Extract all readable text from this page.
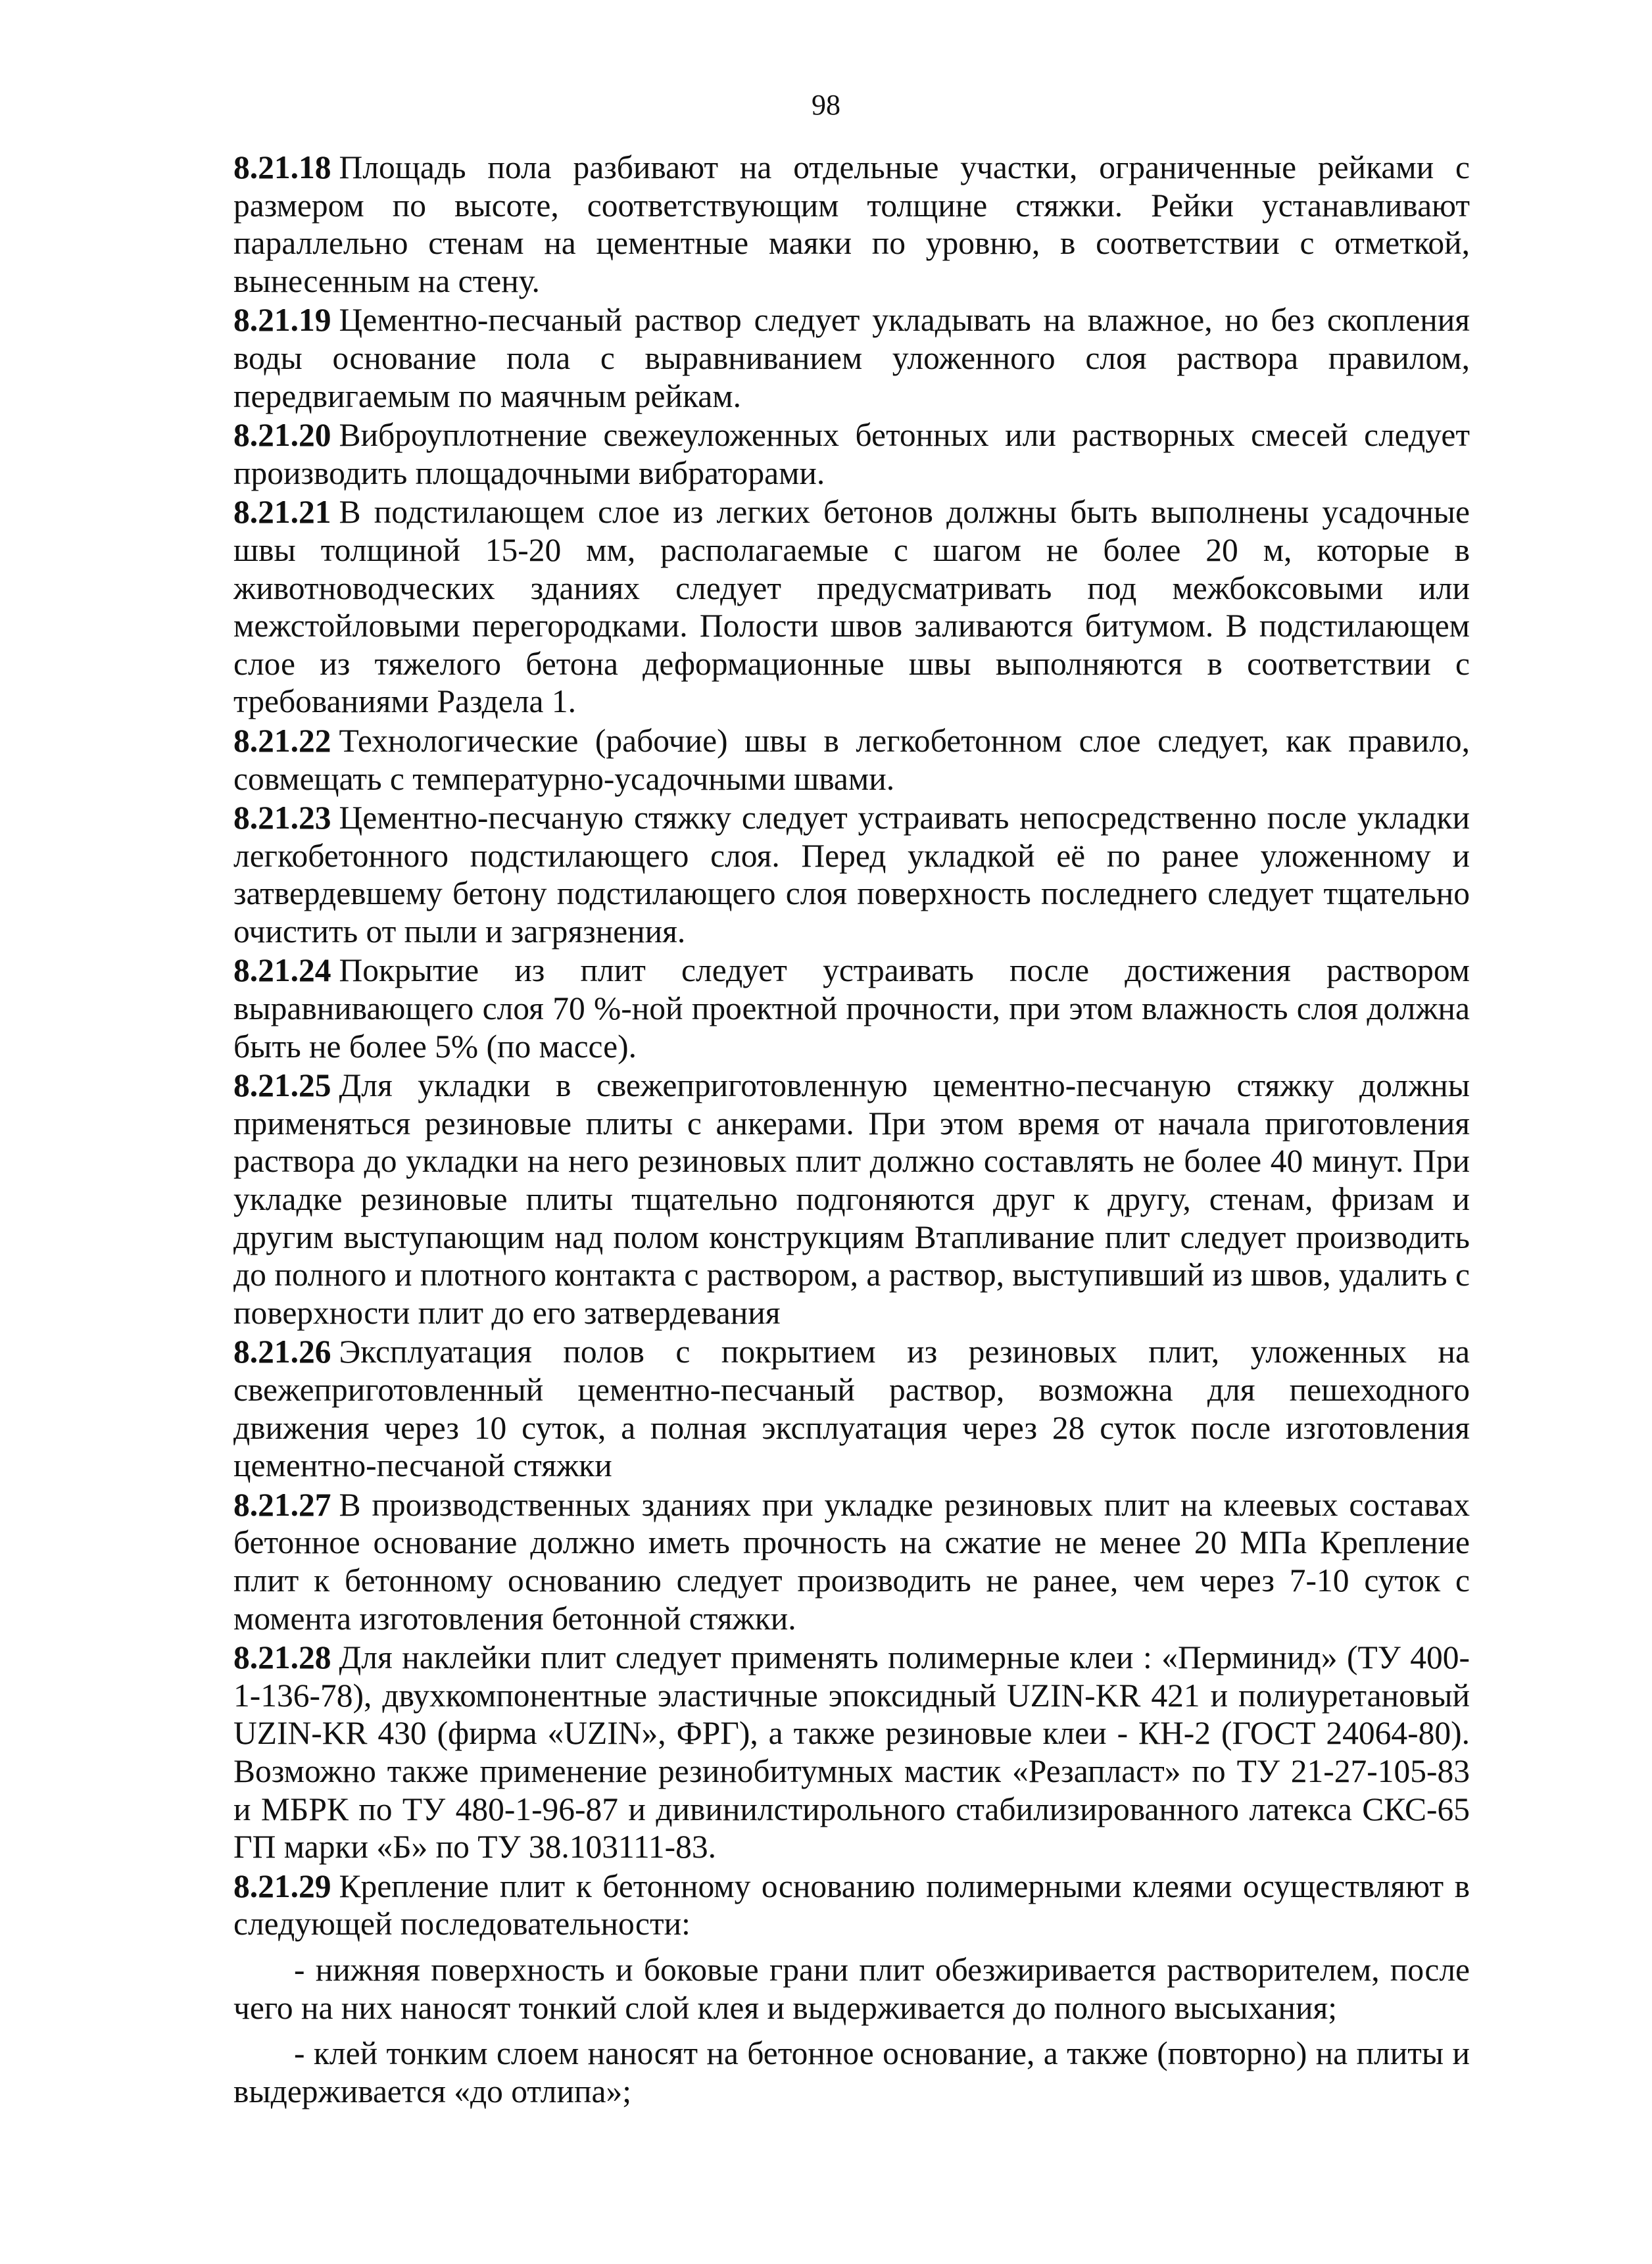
98

8.21.18 Площадь пола разбивают на отдельные участки, ограниченные рейками с размером по высоте, соответствующим толщине стяжки. Рейки устанавливают параллельно стенам на цементные маяки по уровню, в соответствии с отметкой, вынесенным на стену.

8.21.19 Цементно-песчаный раствор следует укладывать на влажное, но без скопления воды основание пола с выравниванием уложенного слоя раствора правилом, передвигаемым по маячным рейкам.

8.21.20 Виброуплотнение свежеуложенных бетонных или растворных смесей следует производить площадочными вибраторами.

8.21.21 В подстилающем слое из легких бетонов должны быть выполнены усадочные швы толщиной 15-20 мм, располагаемые с шагом не более 20 м, которые в животноводческих зданиях следует предусматривать под межбоксовыми или межстойловыми перегородками. Полости швов заливаются битумом. В подстилающем слое из тяжелого бетона деформационные швы выполняются в соответствии с требованиями Раздела 1.

8.21.22 Технологические (рабочие) швы в легкобетонном слое следует, как правило, совмещать с температурно-усадочными швами.

8.21.23 Цементно-песчаную стяжку следует устраивать непосредственно после укладки легкобетонного подстилающего слоя. Перед укладкой её по ранее уложенному и затвердевшему бетону подстилающего слоя поверхность последнего следует тщательно очистить от пыли и загрязнения.

8.21.24 Покрытие из плит следует устраивать после достижения раствором выравнивающего слоя 70 %-ной проектной прочности, при этом влажность слоя должна быть не более 5% (по массе).

8.21.25 Для укладки в свежеприготовленную цементно-песчаную стяжку должны применяться резиновые плиты с анкерами. При этом время от начала приготовления раствора до укладки на него резиновых плит должно составлять не более 40 минут. При укладке резиновые плиты тщательно подгоняются друг к другу, стенам, фризам и другим выступающим над полом конструкциям Втапливание плит следует производить до полного и плотного контакта с раствором, а раствор, выступивший из швов, удалить с поверхности плит до его затвердевания

8.21.26 Эксплуатация полов с покрытием из резиновых плит, уложенных на свежеприготовленный цементно-песчаный раствор, возможна для пешеходного движения через 10 суток, а полная эксплуатация через 28 суток после изготовления цементно-песчаной стяжки

8.21.27 В производственных зданиях при укладке резиновых плит на клеевых составах бетонное основание должно иметь прочность на сжатие не менее 20 МПа Крепление плит к бетонному основанию следует производить не ранее, чем через 7-10 суток с момента изготовления бетонной стяжки.

8.21.28 Для наклейки плит следует применять полимерные клеи : «Перминид» (ТУ 400-1-136-78), двухкомпонентные эластичные эпоксидный UZIN-KR 421 и полиуретановый UZIN-KR 430 (фирма «UZIN», ФРГ), а также резиновые клеи - КН-2 (ГОСТ 24064-80). Возможно также применение резинобитумных мастик «Резапласт» по ТУ 21-27-105-83 и МБРК по ТУ 480-1-96-87 и дивинилстирольного стабилизированного латекса СКС-65 ГП марки «Б» по ТУ 38.103111-83.

8.21.29 Крепление плит к бетонному основанию полимерными клеями осуществляют в следующей последовательности:

- нижняя поверхность и боковые грани плит обезжиривается растворителем, после чего на них наносят тонкий слой клея и выдерживается до полного высыхания;

- клей тонким слоем наносят на бетонное основание, а также (повторно) на плиты и выдерживается «до отлипа»;
